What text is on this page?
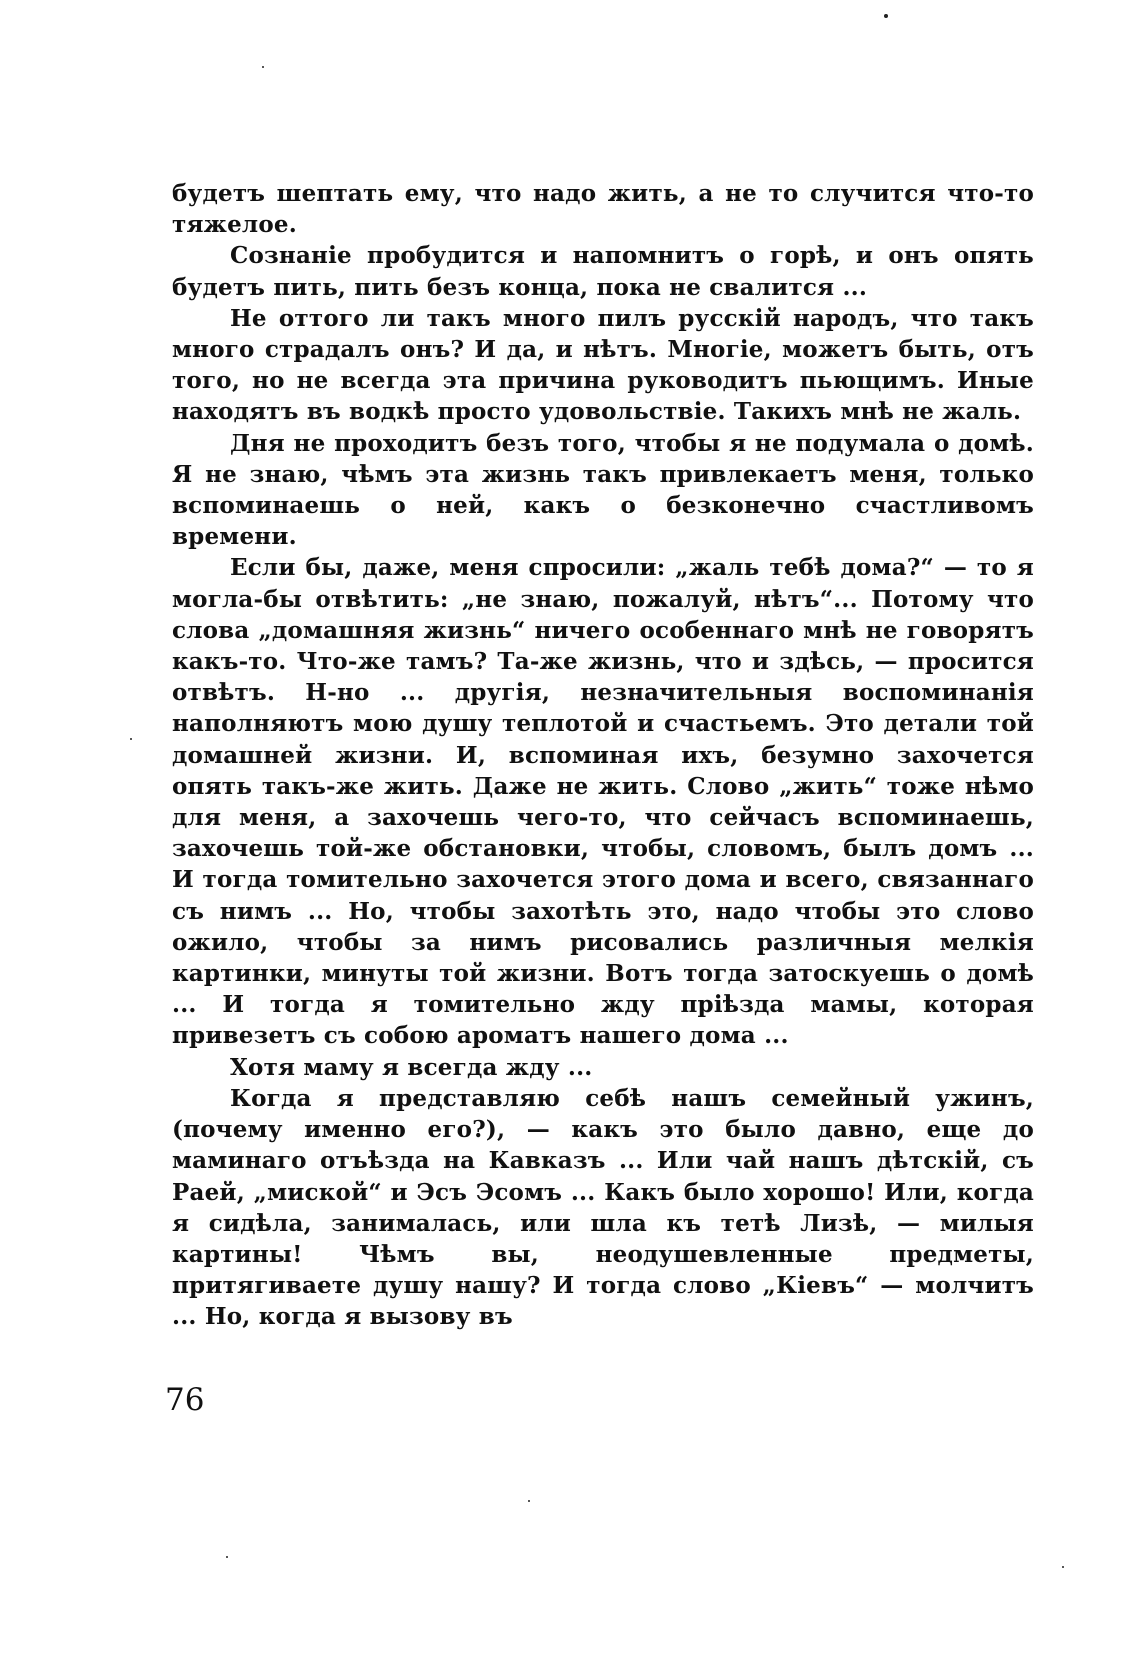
будетъ шептать ему, что надо жить, а не то случится что-то тяжелое.

Сознаніе пробудится и напомнитъ о горѣ, и онъ опять будетъ пить, пить безъ конца, пока не свалится ...

Не оттого ли такъ много пилъ русскій народъ, что такъ много страдалъ онъ? И да, и нѣтъ. Многіе, можетъ быть, отъ того, но не всегда эта причина руководитъ пьющимъ. Иные находятъ въ водкѣ просто удовольствіе. Такихъ мнѣ не жаль.

Дня не проходитъ безъ того, чтобы я не подумала о домѣ. Я не знаю, чѣмъ эта жизнь такъ привлекаетъ меня, только вспоминаешь о ней, какъ о безконечно счастливомъ времени.

Если бы, даже, меня спросили: „жаль тебѣ дома?“ — то я могла-бы отвѣтить: „не знаю, пожалуй, нѣтъ“... Потому что слова „домашняя жизнь“ ничего особеннаго мнѣ не говорятъ какъ-то. Что-же тамъ? Та-же жизнь, что и здѣсь, — просится отвѣтъ. Н-но ... другія, незначительныя воспоминанія наполняютъ мою душу теплотой и счастьемъ. Это детали той домашней жизни. И, вспоминая ихъ, безумно захочется опять такъ-же жить. Даже не жить. Слово „жить“ тоже нѣмо для меня, а захочешь чего-то, что сейчасъ вспоминаешь, захочешь той-же обстановки, чтобы, словомъ, былъ домъ ... И тогда томительно захочется этого дома и всего, связаннаго съ нимъ ... Но, чтобы захотѣть это, надо чтобы это слово ожило, чтобы за нимъ рисовались различныя мелкія картинки, минуты той жизни. Вотъ тогда затоскуешь о домѣ ... И тогда я томительно жду пріѣзда мамы, которая привезетъ съ собою ароматъ нашего дома ...

Хотя маму я всегда жду ...

Когда я представляю себѣ нашъ семейный ужинъ, (почему именно его?), — какъ это было давно, еще до маминаго отъѣзда на Кавказъ ... Или чай нашъ дѣтскій, съ Раей, „миской“ и Эсъ Эсомъ ... Какъ было хорошо! Или, когда я сидѣла, занималась, или шла къ тетѣ Лизѣ, — милыя картины! Чѣмъ вы, неодушевленные предметы, притягиваете душу нашу? И тогда слово „Кіевъ“ — молчитъ ... Но, когда я вызову въ

76
